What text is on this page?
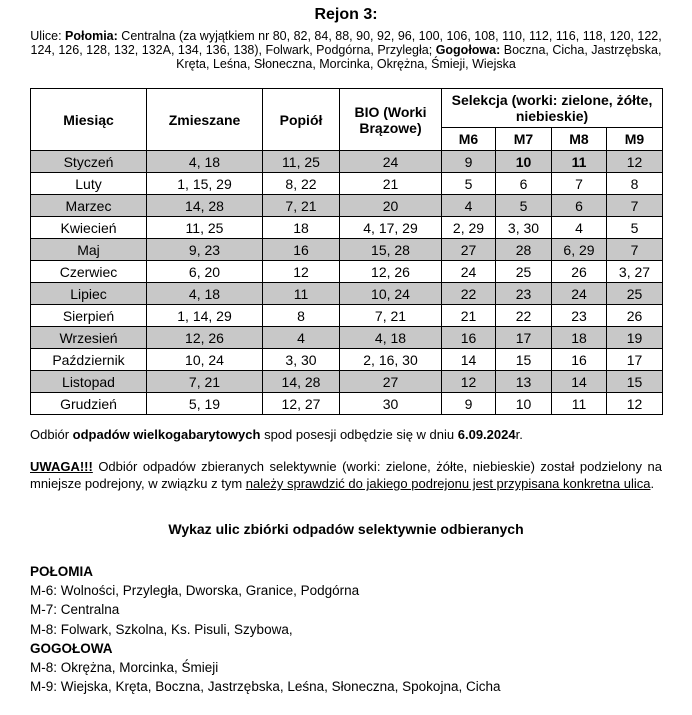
Rejon 3:
Ulice: Połomia: Centralna (za wyjątkiem nr 80, 82, 84, 88, 90, 92, 96, 100, 106, 108, 110, 112, 116, 118, 120, 122, 124, 126, 128, 132, 132A, 134, 136, 138), Folwark, Podgórna, Przyległa; Gogołowa: Boczna, Cicha, Jastrzębska, Kręta, Leśna, Słoneczna, Morcinka, Okrężna, Śmieji, Wiejska
Miesiąc	Zmieszane	Popiół	BIO (Worki Brązowe)	Selekcja (worki: zielone, żółte, niebieskie)			
				M6	M7	M8	M9
Styczeń	4, 18	11, 25	24	9	10	11	12
Luty	1, 15, 29	8, 22	21	5	6	7	8
Marzec	14, 28	7, 21	20	4	5	6	7
Kwiecień	11, 25	18	4, 17, 29	2, 29	3, 30	4	5
Maj	9, 23	16	15, 28	27	28	6, 29	7
Czerwiec	6, 20	12	12, 26	24	25	26	3, 27
Lipiec	4, 18	11	10, 24	22	23	24	25
Sierpień	1, 14, 29	8	7, 21	21	22	23	26
Wrzesień	12, 26	4	4, 18	16	17	18	19
Październik	10, 24	3, 30	2, 16, 30	14	15	16	17
Listopad	7, 21	14, 28	27	12	13	14	15
Grudzień	5, 19	12, 27	30	9	10	11	12
Odbiór odpadów wielkogabarytowych spod posesji odbędzie się w dniu 6.09.2024r.
UWAGA!!! Odbiór odpadów zbieranych selektywnie (worki: zielone, żółte, niebieskie) został podzielony na mniejsze podrejony, w związku z tym należy sprawdzić do jakiego podrejonu jest przypisana konkretna ulica.
Wykaz ulic zbiórki odpadów selektywnie odbieranych
POŁOMIA
M-6: Wolności, Przyległa, Dworska, Granice, Podgórna
M-7: Centralna
M-8: Folwark, Szkolna, Ks. Pisuli, Szybowa,
GOGOŁOWA
M-8: Okrężna, Morcinka, Śmieji
M-9: Wiejska, Kręta, Boczna, Jastrzębska, Leśna, Słoneczna, Spokojna, Cicha
